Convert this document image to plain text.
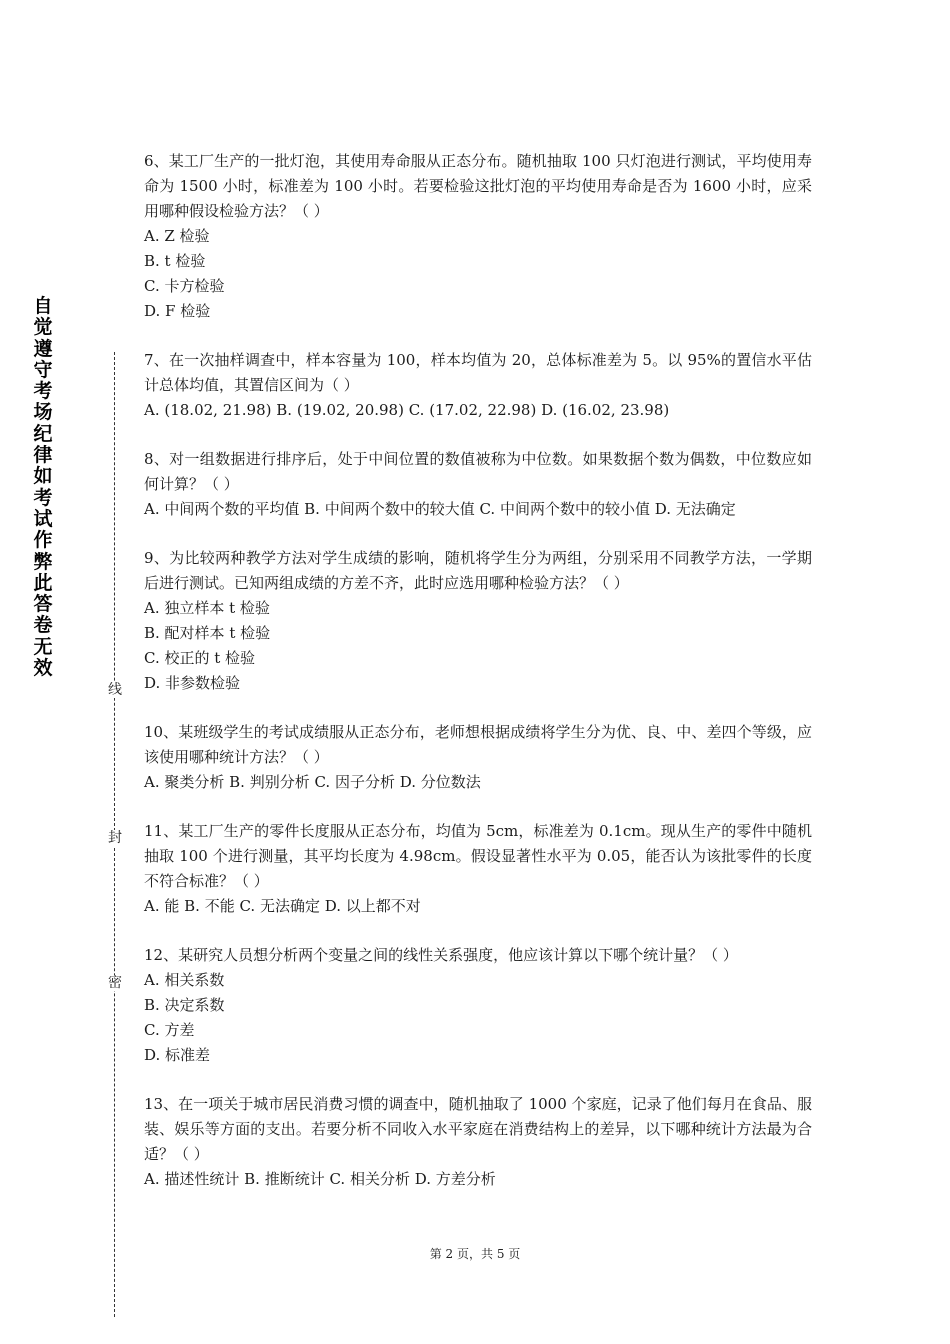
自觉遵守考场纪律如考试作弊此答卷无效
线
封
密

6、某工厂生产的一批灯泡，其使用寿命服从正态分布。随机抽取 100 只灯泡进行测试，平均使用寿命为 1500 小时，标准差为 100 小时。若要检验这批灯泡的平均使用寿命是否为 1600 小时，应采用哪种假设检验方法？（ ）

A. Z 检验

B. t 检验

C. 卡方检验

D. F 检验

7、在一次抽样调查中，样本容量为 100，样本均值为 20，总体标准差为 5。以 95%的置信水平估计总体均值，其置信区间为（ ）

A. (18.02, 21.98) B. (19.02, 20.98) C. (17.02, 22.98) D. (16.02, 23.98)

8、对一组数据进行排序后，处于中间位置的数值被称为中位数。如果数据个数为偶数，中位数应如何计算？（ ）

A. 中间两个数的平均值 B. 中间两个数中的较大值 C. 中间两个数中的较小值 D. 无法确定

9、为比较两种教学方法对学生成绩的影响，随机将学生分为两组，分别采用不同教学方法，一学期后进行测试。已知两组成绩的方差不齐，此时应选用哪种检验方法？（ ）

A. 独立样本 t 检验

B. 配对样本 t 检验

C. 校正的 t 检验

D. 非参数检验

10、某班级学生的考试成绩服从正态分布，老师想根据成绩将学生分为优、良、中、差四个等级，应该使用哪种统计方法？（ ）

A. 聚类分析 B. 判别分析 C. 因子分析 D. 分位数法

11、某工厂生产的零件长度服从正态分布，均值为 5cm，标准差为 0.1cm。现从生产的零件中随机抽取 100 个进行测量，其平均长度为 4.98cm。假设显著性水平为 0.05，能否认为该批零件的长度不符合标准？（ ）

A. 能 B. 不能 C. 无法确定 D. 以上都不对

12、某研究人员想分析两个变量之间的线性关系强度，他应该计算以下哪个统计量？（ ）

A. 相关系数

B. 决定系数

C. 方差

D. 标准差

13、在一项关于城市居民消费习惯的调查中，随机抽取了 1000 个家庭，记录了他们每月在食品、服装、娱乐等方面的支出。若要分析不同收入水平家庭在消费结构上的差异，以下哪种统计方法最为合适？（ ）

A. 描述性统计 B. 推断统计 C. 相关分析 D. 方差分析

第 2 页，共 5 页
